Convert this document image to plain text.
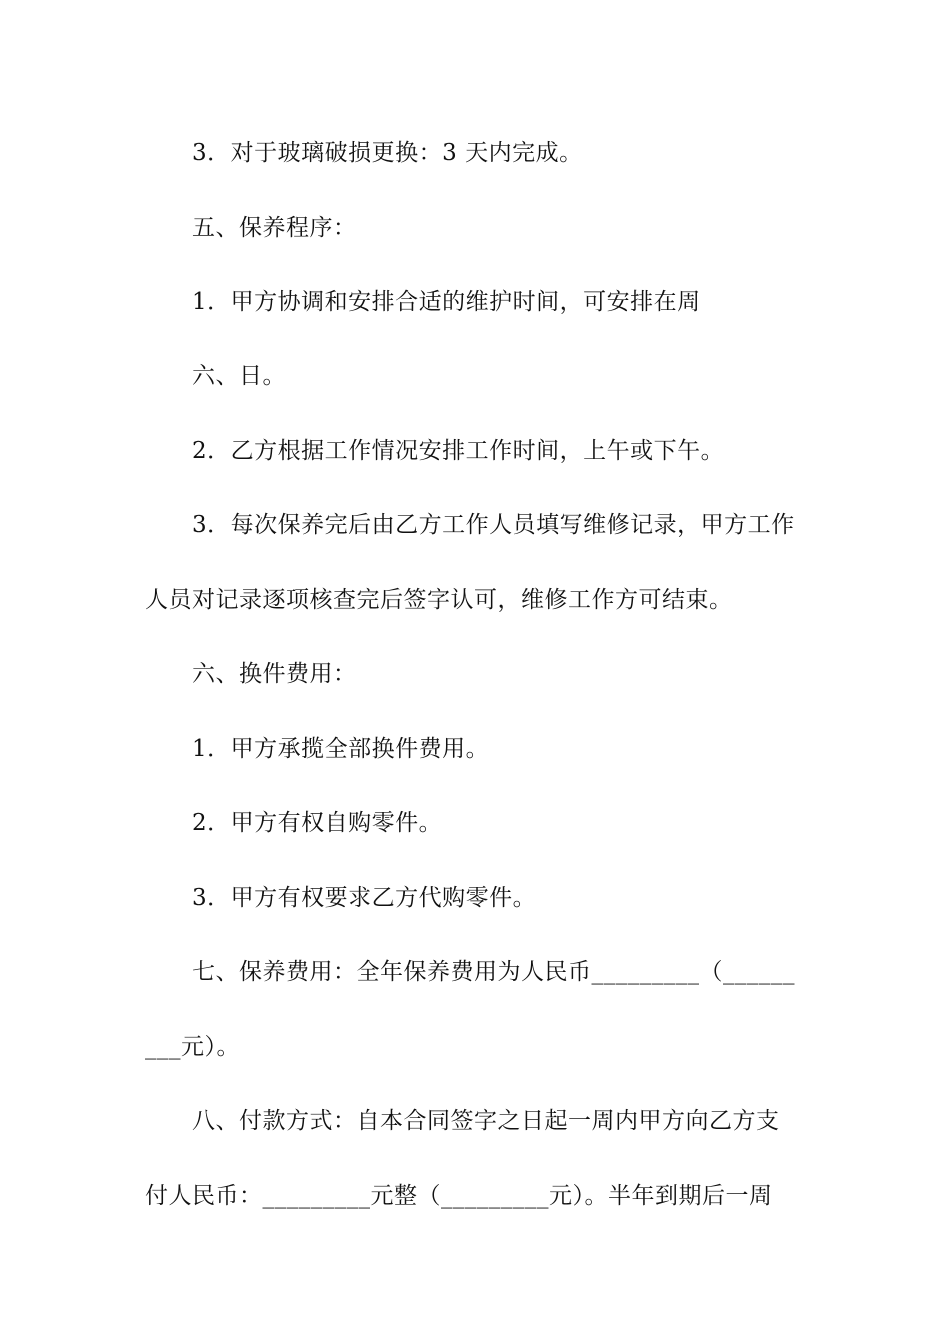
3．对于玻璃破损更换：3 天内完成。
五、保养程序：
1．甲方协调和安排合适的维护时间，可安排在周
六、日。
2．乙方根据工作情况安排工作时间，上午或下午。
3．每次保养完后由乙方工作人员填写维修记录，甲方工作
人员对记录逐项核查完后签字认可，维修工作方可结束。
六、换件费用：
1．甲方承揽全部换件费用。
2．甲方有权自购零件。
3．甲方有权要求乙方代购零件。
七、保养费用：全年保养费用为人民币_________（______
___元）。
八、付款方式：自本合同签字之日起一周内甲方向乙方支
付人民币：_________元整（_________元）。半年到期后一周
